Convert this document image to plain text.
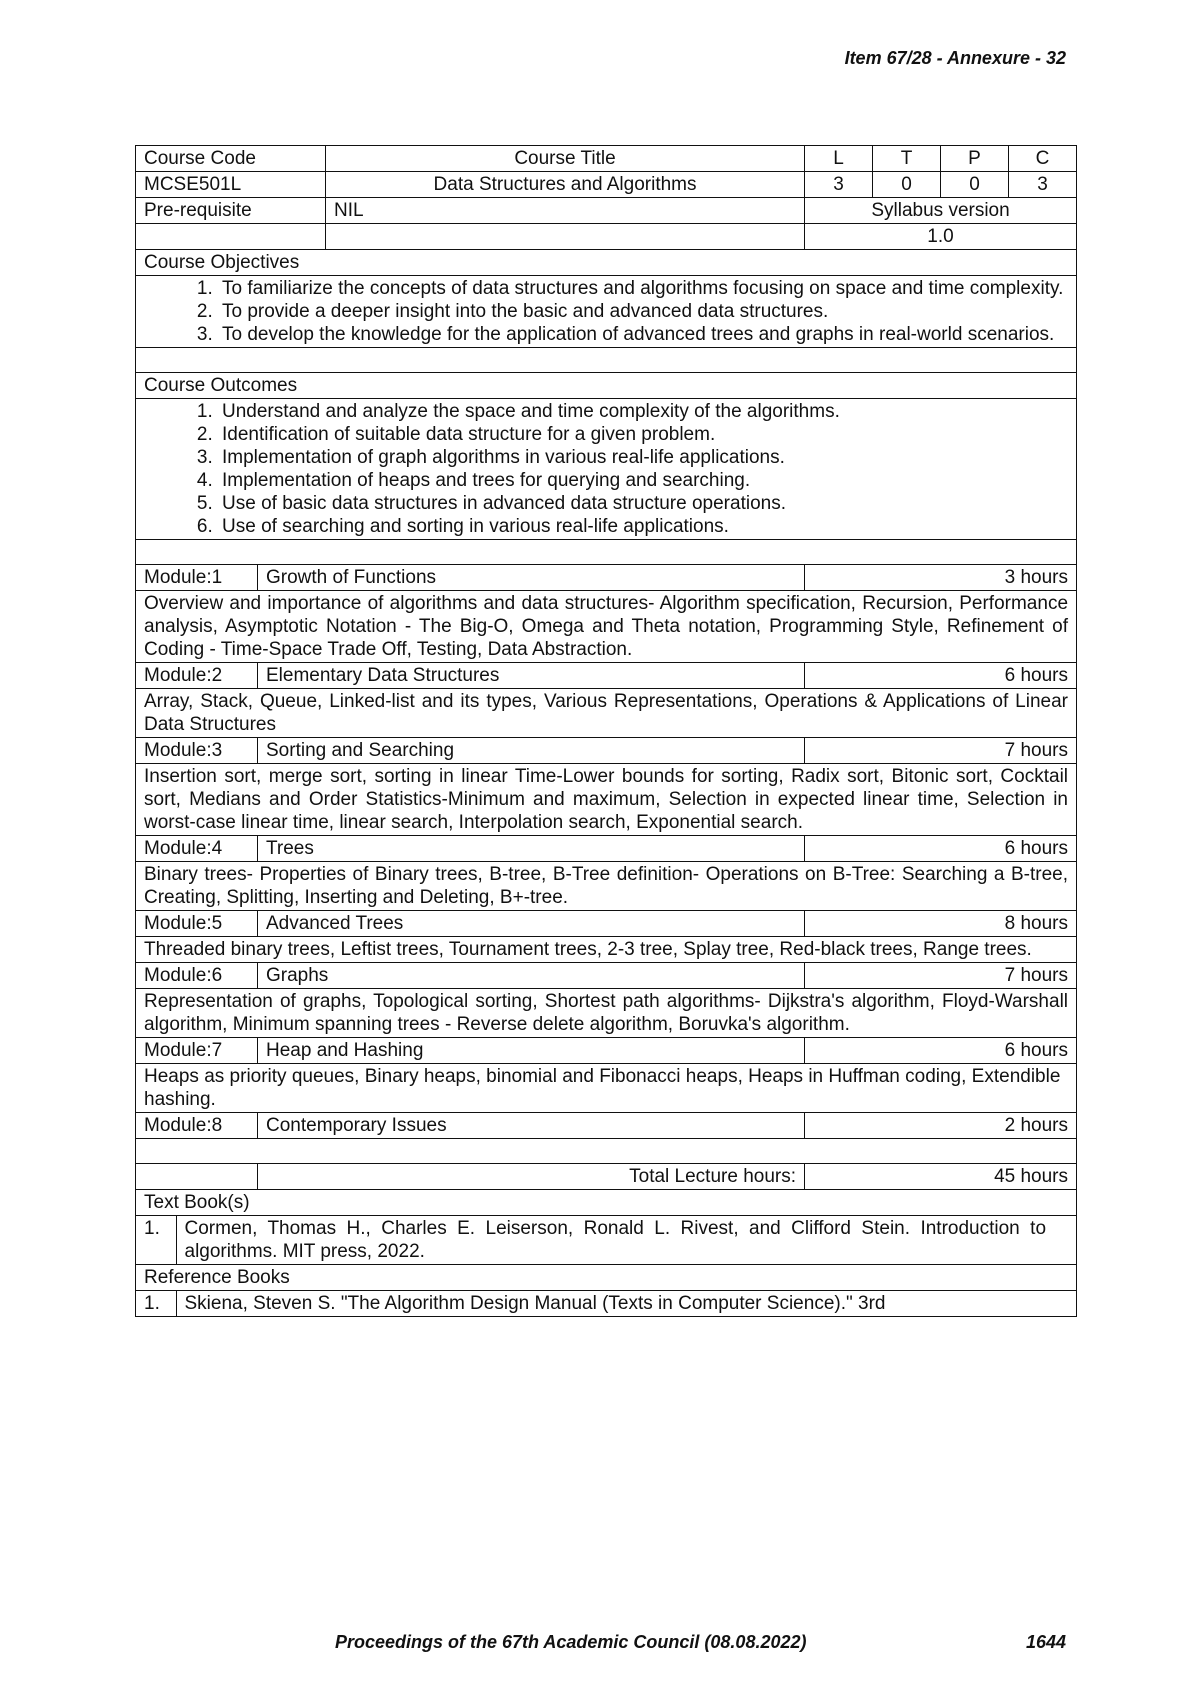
Item 67/28 - Annexure - 32
Course Code	Course Title	L	T	P	C
MCSE501L	Data Structures and Algorithms	3	0	0	3
Pre-requisite	NIL	Syllabus version
		1.0
Course Objectives

1. To familiarize the concepts of data structures and algorithms focusing on space and time complexity.
2. To provide a deeper insight into the basic and advanced data structures.
3. To develop the knowledge for the application of advanced trees and graphs in real-world scenarios.

Course Outcomes

1. Understand and analyze the space and time complexity of the algorithms.
2. Identification of suitable data structure for a given problem.
3. Implementation of graph algorithms in various real-life applications.
4. Implementation of heaps and trees for querying and searching.
5. Use of basic data structures in advanced data structure operations.
6. Use of searching and sorting in various real-life applications.

Module:1	Growth of Functions	3 hours
Overview and importance of algorithms and data structures- Algorithm specification, Recursion, Performance analysis, Asymptotic Notation - The Big-O, Omega and Theta notation, Programming Style, Refinement of Coding - Time-Space Trade Off, Testing, Data Abstraction.
Module:2	Elementary Data Structures	6 hours
Array, Stack, Queue, Linked-list and its types, Various Representations, Operations & Applications of Linear Data Structures
Module:3	Sorting and Searching	7 hours
Insertion sort, merge sort, sorting in linear Time-Lower bounds for sorting, Radix sort, Bitonic sort, Cocktail sort, Medians and Order Statistics-Minimum and maximum, Selection in expected linear time, Selection in worst-case linear time, linear search, Interpolation search, Exponential search.
Module:4	Trees	6 hours
Binary trees- Properties of Binary trees, B-tree, B-Tree definition- Operations on B-Tree: Searching a B-tree, Creating, Splitting, Inserting and Deleting, B+-tree.
Module:5	Advanced Trees	8 hours
Threaded binary trees, Leftist trees, Tournament trees, 2-3 tree, Splay tree, Red-black trees, Range trees.
Module:6	Graphs	7 hours
Representation of graphs, Topological sorting, Shortest path algorithms- Dijkstra's algorithm, Floyd-Warshall algorithm, Minimum spanning trees - Reverse delete algorithm, Boruvka's algorithm.
Module:7	Heap and Hashing	6 hours
Heaps as priority queues, Binary heaps, binomial and Fibonacci heaps, Heaps in Huffman coding, Extendible hashing.
Module:8	Contemporary Issues	2 hours

	Total Lecture hours:	45 hours
Text Book(s)

1.	Cormen, Thomas H., Charles E. Leiserson, Ronald L. Rivest, and Clifford Stein. Introduction to algorithms. MIT press, 2022.

Reference Books

1.	Skiena, Steven S. "The Algorithm Design Manual (Texts in Computer Science)." 3rd
Proceedings of the 67th Academic Council (08.08.2022)	1644
